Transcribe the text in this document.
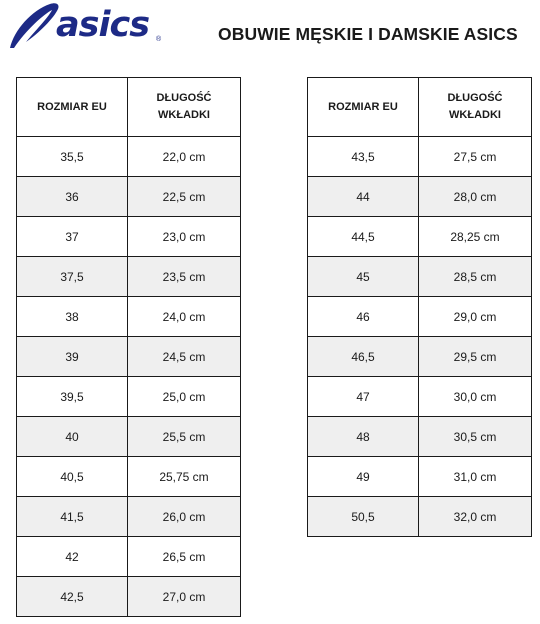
asics ®	OBUWIE MĘSKIE I DAMSKIE ASICS
ROZMIAR EU	DŁUGOŚĆ
WKŁADKI
35,5	22,0 cm
36	22,5 cm
37	23,0 cm
37,5	23,5 cm
38	24,0 cm
39	24,5 cm
39,5	25,0 cm
40	25,5 cm
40,5	25,75 cm
41,5	26,0 cm
42	26,5 cm
42,5	27,0 cm
ROZMIAR EU	DŁUGOŚĆ
WKŁADKI
43,5	27,5 cm
44	28,0 cm
44,5	28,25 cm
45	28,5 cm
46	29,0 cm
46,5	29,5 cm
47	30,0 cm
48	30,5 cm
49	31,0 cm
50,5	32,0 cm
